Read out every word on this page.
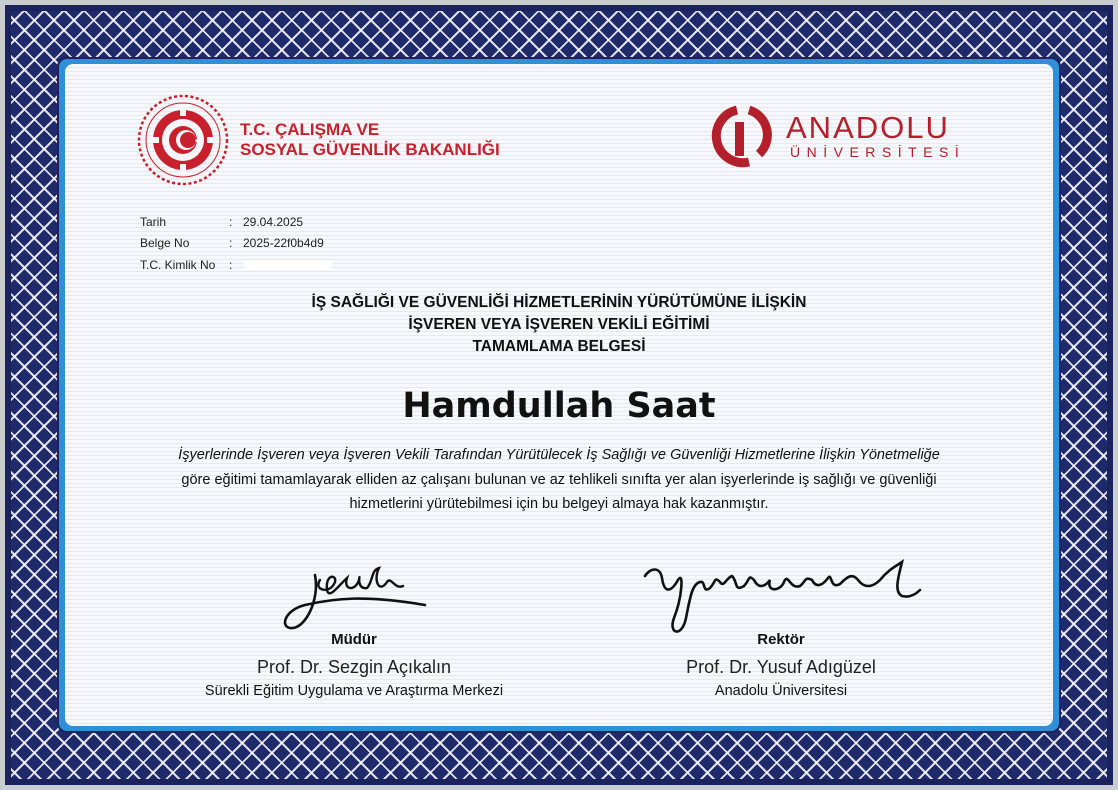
T.C. ÇALIŞMA VE
SOSYAL GÜVENLİK BAKANLIĞI
ANADOLU
ÜNİVERSİTESİ
Tarih	: 29.04.2025
Belge No	: 2025-22f0b4d9
T.C. Kimlik No :
İŞ SAĞLIĞI VE GÜVENLİĞİ HİZMETLERİNİN YÜRÜTÜMÜNE İLİŞKİN
İŞVEREN VEYA İŞVEREN VEKİLİ EĞİTİMİ
TAMAMLAMA BELGESİ
Hamdullah Saat
İşyerlerinde İşveren veya İşveren Vekili Tarafından Yürütülecek İş Sağlığı ve Güvenliği Hizmetlerine İlişkin Yönetmeliğe
göre eğitimi tamamlayarak elliden az çalışanı bulunan ve az tehlikeli sınıfta yer alan işyerlerinde iş sağlığı ve güvenliği
hizmetlerini yürütebilmesi için bu belgeyi almaya hak kazanmıştır.
Müdür
Prof. Dr. Sezgin Açıkalın
Sürekli Eğitim Uygulama ve Araştırma Merkezi
Rektör
Prof. Dr. Yusuf Adıgüzel
Anadolu Üniversitesi
